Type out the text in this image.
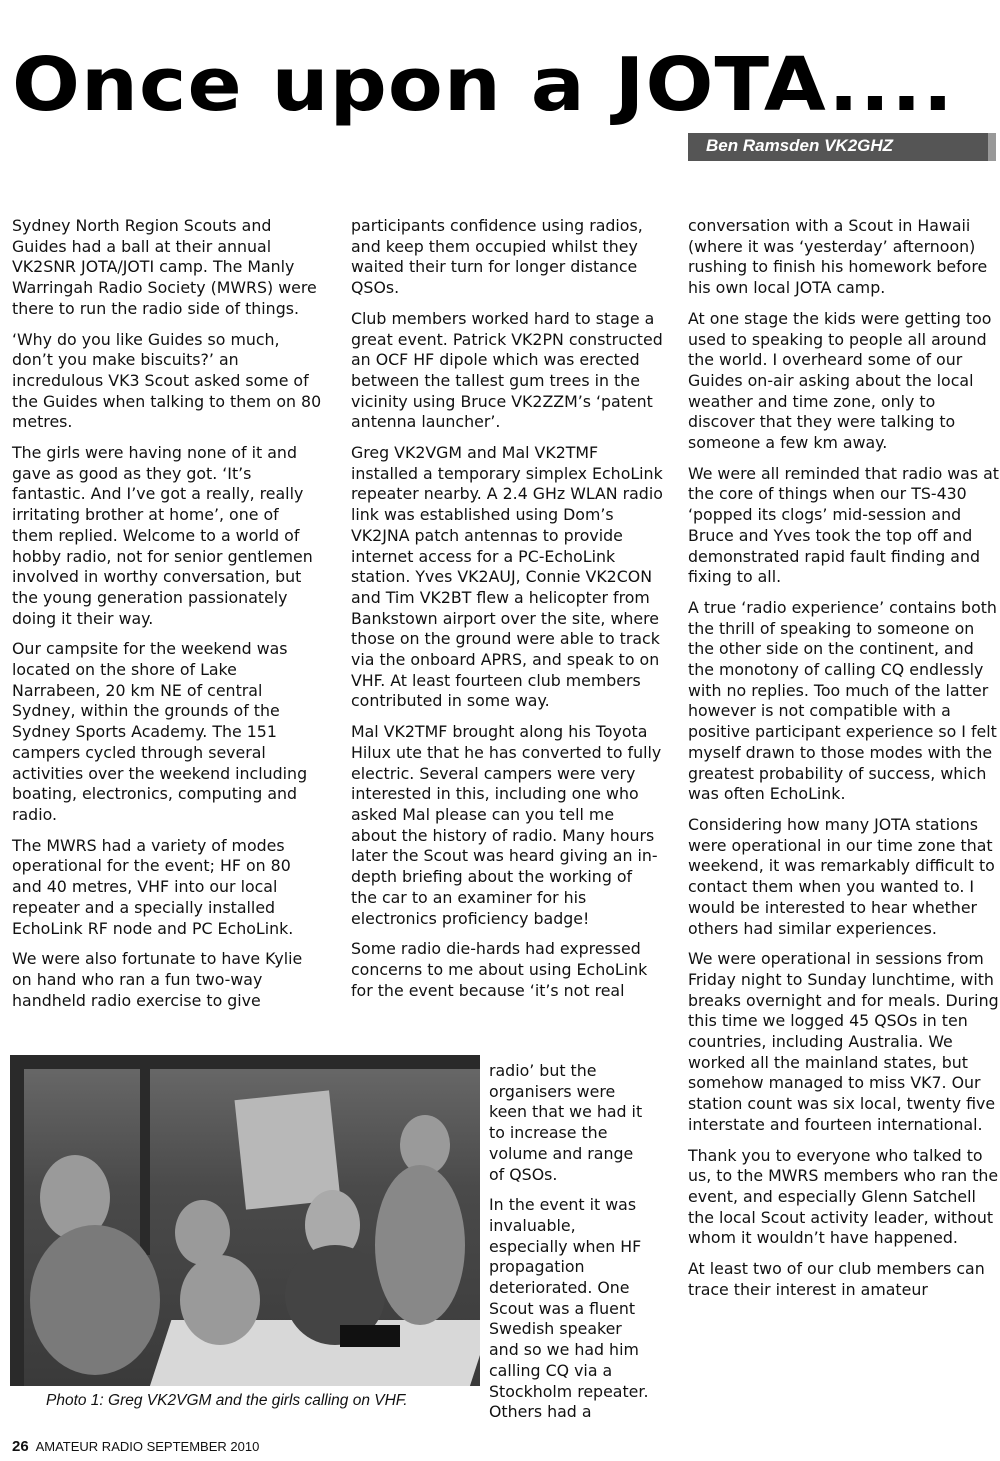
Once upon a JOTA....
Ben Ramsden VK2GHZ

Sydney North Region Scouts and Guides had a ball at their annual VK2SNR JOTA/JOTI camp. The Manly Warringah Radio Society (MWRS) were there to run the radio side of things.

‘Why do you like Guides so much, don’t you make biscuits?’ an incredulous VK3 Scout asked some of the Guides when talking to them on 80 metres.

The girls were having none of it and gave as good as they got. ‘It’s fantastic. And I’ve got a really, really irritating brother at home’, one of them replied. Welcome to a world of hobby radio, not for senior gentlemen involved in worthy conversation, but the young generation passionately doing it their way.

Our campsite for the weekend was located on the shore of Lake Narrabeen, 20 km NE of central Sydney, within the grounds of the Sydney Sports Academy. The 151 campers cycled through several activities over the weekend including boating, electronics, computing and radio.

The MWRS had a variety of modes operational for the event; HF on 80 and 40 metres, VHF into our local repeater and a specially installed EchoLink RF node and PC EchoLink.

We were also fortunate to have Kylie on hand who ran a fun two-way handheld radio exercise to give

participants confidence using radios, and keep them occupied whilst they waited their turn for longer distance QSOs.

Club members worked hard to stage a great event. Patrick VK2PN constructed an OCF HF dipole which was erected between the tallest gum trees in the vicinity using Bruce VK2ZZM’s ‘patent antenna launcher’.

Greg VK2VGM and Mal VK2TMF installed a temporary simplex EchoLink repeater nearby. A 2.4 GHz WLAN radio link was established using Dom’s VK2JNA patch antennas to provide internet access for a PC-EchoLink station. Yves VK2AUJ, Connie VK2CON and Tim VK2BT flew a helicopter from Bankstown airport over the site, where those on the ground were able to track via the onboard APRS, and speak to on VHF. At least fourteen club members contributed in some way.

Mal VK2TMF brought along his Toyota Hilux ute that he has converted to fully electric. Several campers were very interested in this, including one who asked Mal please can you tell me about the history of radio. Many hours later the Scout was heard giving an in-depth briefing about the working of the car to an examiner for his electronics proficiency badge!

Some radio die-hards had expressed concerns to me about using EchoLink for the event because ‘it’s not real

radio’ but the organisers were keen that we had it to increase the volume and range of QSOs.

In the event it was invaluable, especially when HF propagation deteriorated. One Scout was a fluent Swedish speaker and so we had him calling CQ via a Stockholm repeater. Others had a

conversation with a Scout in Hawaii (where it was ‘yesterday’ afternoon) rushing to finish his homework before his own local JOTA camp.

At one stage the kids were getting too used to speaking to people all around the world. I overheard some of our Guides on-air asking about the local weather and time zone, only to discover that they were talking to someone a few km away.

We were all reminded that radio was at the core of things when our TS-430 ‘popped its clogs’ mid-session and Bruce and Yves took the top off and demonstrated rapid fault finding and fixing to all.

A true ‘radio experience’ contains both the thrill of speaking to someone on the other side on the continent, and the monotony of calling CQ endlessly with no replies. Too much of the latter however is not compatible with a positive participant experience so I felt myself drawn to those modes with the greatest probability of success, which was often EchoLink.

Considering how many JOTA stations were operational in our time zone that weekend, it was remarkably difficult to contact them when you wanted to. I would be interested to hear whether others had similar experiences.

We were operational in sessions from Friday night to Sunday lunchtime, with breaks overnight and for meals. During this time we logged 45 QSOs in ten countries, including Australia. We worked all the mainland states, but somehow managed to miss VK7. Our station count was six local, twenty five interstate and fourteen international.

Thank you to everyone who talked to us, to the MWRS members who ran the event, and especially Glenn Satchell the local Scout activity leader, without whom it wouldn’t have happened.

At least two of our club members can trace their interest in amateur

Photo 1: Greg VK2VGM and the girls calling on VHF.
26 AMATEUR RADIO SEPTEMBER 2010
